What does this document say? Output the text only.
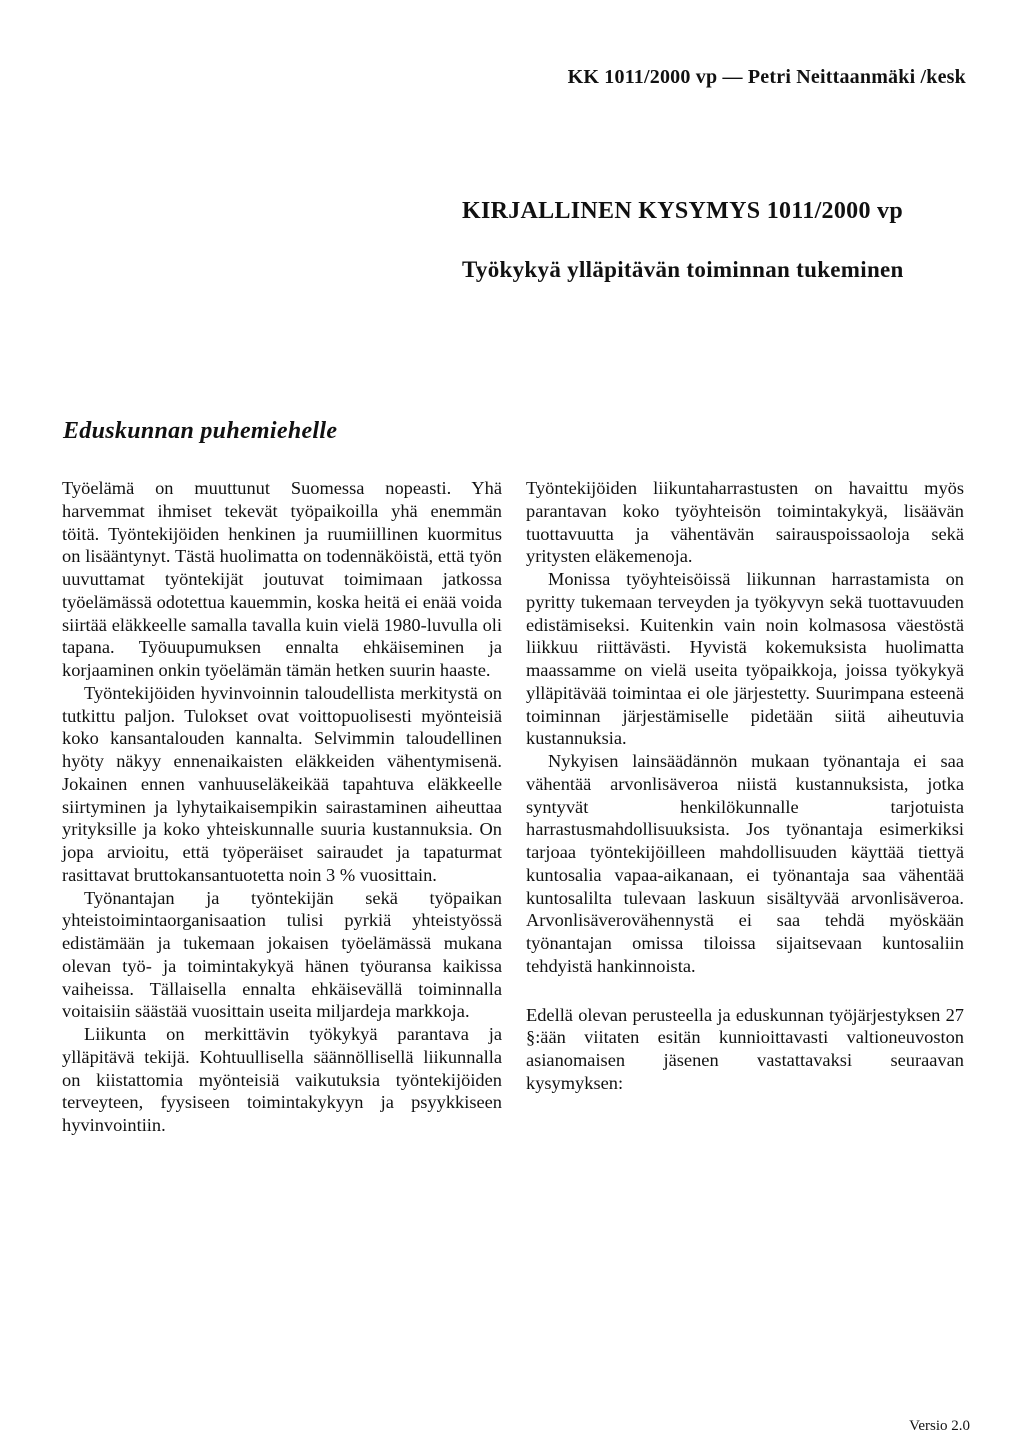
KK 1011/2000 vp — Petri Neittaanmäki /kesk
KIRJALLINEN KYSYMYS 1011/2000 vp
Työkykyä ylläpitävän toiminnan tukeminen
Eduskunnan puhemiehelle

Työelämä on muuttunut Suomessa nopeasti. Yhä harvemmat ihmiset tekevät työpaikoilla yhä enemmän töitä. Työntekijöiden henkinen ja ruumiillinen kuormitus on lisääntynyt. Tästä huolimatta on todennäköistä, että työn uuvuttamat työntekijät joutuvat toimimaan jatkossa työelämässä odotettua kauemmin, koska heitä ei enää voida siirtää eläkkeelle samalla tavalla kuin vielä 1980-luvulla oli tapana. Työuupumuksen ennalta ehkäiseminen ja korjaaminen onkin työelämän tämän hetken suurin haaste.

Työntekijöiden hyvinvoinnin taloudellista merkitystä on tutkittu paljon. Tulokset ovat voittopuolisesti myönteisiä koko kansantalouden kannalta. Selvimmin taloudellinen hyöty näkyy ennenaikaisten eläkkeiden vähentymisenä. Jokainen ennen vanhuuseläkeikää tapahtuva eläkkeelle siirtyminen ja lyhytaikaisempikin sairastaminen aiheuttaa yrityksille ja koko yhteiskunnalle suuria kustannuksia. On jopa arvioitu, että työperäiset sairaudet ja tapaturmat rasittavat bruttokansantuotetta noin 3 % vuosittain.

Työnantajan ja työntekijän sekä työpaikan yhteistoimintaorganisaation tulisi pyrkiä yhteistyössä edistämään ja tukemaan jokaisen työelämässä mukana olevan työ- ja toimintakykyä hänen työuransa kaikissa vaiheissa. Tällaisella ennalta ehkäisevällä toiminnalla voitaisiin säästää vuosittain useita miljardeja markkoja.

Liikunta on merkittävin työkykyä parantava ja ylläpitävä tekijä. Kohtuullisella säännöllisellä liikunnalla on kiistattomia myönteisiä vaikutuksia työntekijöiden terveyteen, fyysiseen toimintakykyyn ja psyykkiseen hyvinvointiin.

Työntekijöiden liikuntaharrastusten on havaittu myös parantavan koko työyhteisön toimintakykyä, lisäävän tuottavuutta ja vähentävän sairauspoissaoloja sekä yritysten eläkemenoja.

Monissa työyhteisöissä liikunnan harrastamista on pyritty tukemaan terveyden ja työkyvyn sekä tuottavuuden edistämiseksi. Kuitenkin vain noin kolmasosa väestöstä liikkuu riittävästi. Hyvistä kokemuksista huolimatta maassamme on vielä useita työpaikkoja, joissa työkykyä ylläpitävää toimintaa ei ole järjestetty. Suurimpana esteenä toiminnan järjestämiselle pidetään siitä aiheutuvia kustannuksia.

Nykyisen lainsäädännön mukaan työnantaja ei saa vähentää arvonlisäveroa niistä kustannuksista, jotka syntyvät henkilökunnalle tarjotuista harrastusmahdollisuuksista. Jos työnantaja esimerkiksi tarjoaa työntekijöilleen mahdollisuuden käyttää tiettyä kuntosalia vapaa-aikanaan, ei työnantaja saa vähentää kuntosalilta tulevaan laskuun sisältyvää arvonlisäveroa. Arvonlisäverovähennystä ei saa tehdä myöskään työnantajan omissa tiloissa sijaitsevaan kuntosaliin tehdyistä hankinnoista.

Edellä olevan perusteella ja eduskunnan työjärjestyksen 27 §:ään viitaten esitän kunnioittavasti valtioneuvoston asianomaisen jäsenen vastattavaksi seuraavan kysymyksen:

Versio 2.0
